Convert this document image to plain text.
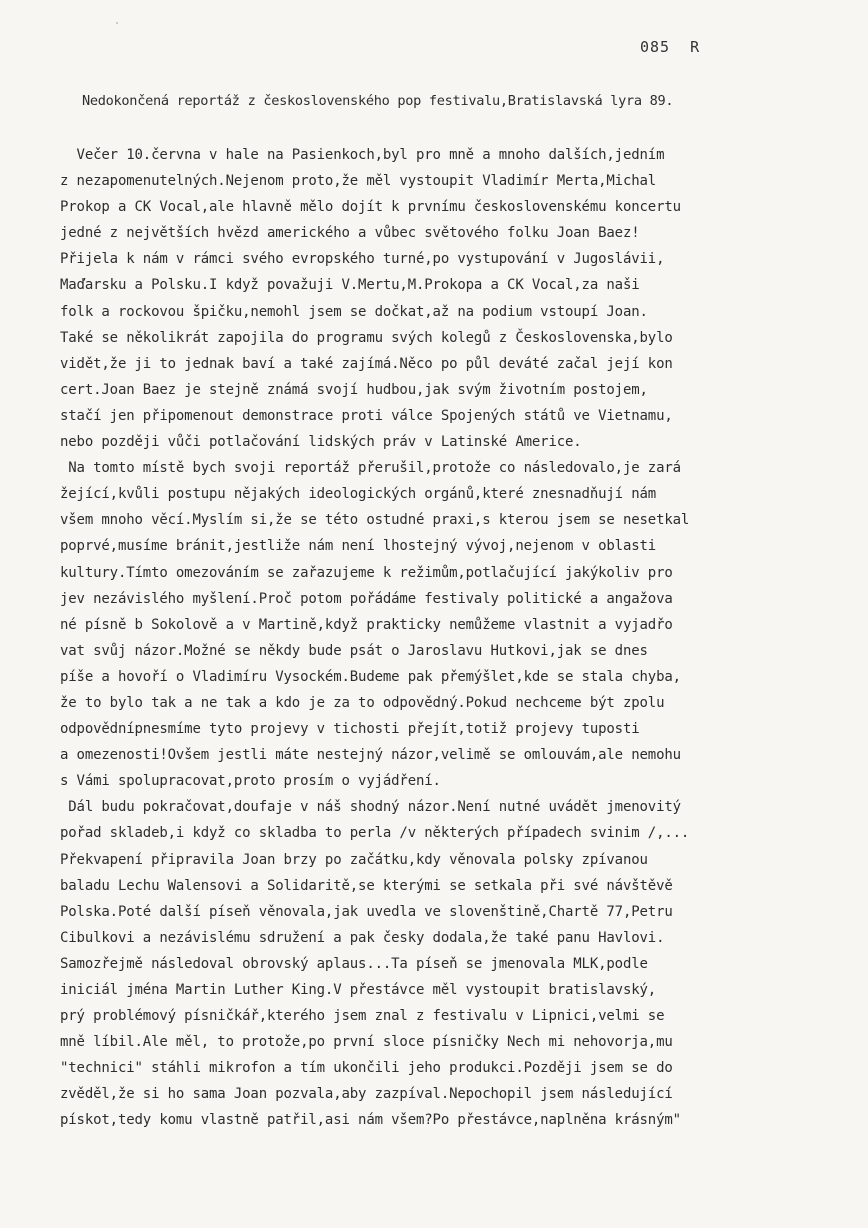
085  R
Nedokončená reportáž z československého pop festivalu,Bratislavská lyra 89.
Večer 10.června v hale na Pasienkoch,byl pro mně a mnoho dalších,jedním
z nezapomenutelných.Nejenom proto,že měl vystoupit Vladimír Merta,Michal
Prokop a CK Vocal,ale hlavně mělo dojít k prvnímu československému koncertu
jedné z největších hvězd amerického a vůbec světového folku Joan Baez!
Přijela k nám v rámci svého evropského turné,po vystupování v Jugoslávii,
Maďarsku a Polsku.I když považuji V.Mertu,M.Prokopa a CK Vocal,za naši
folk a rockovou špičku,nemohl jsem se dočkat,až na podium vstoupí Joan.
Také se několikrát zapojila do programu svých kolegů z Československa,bylo
vidět,že ji to jednak baví a také zajímá.Něco po půl deváté začal její kon
cert.Joan Baez je stejně známá svojí hudbou,jak svým životním postojem,
stačí jen připomenout demonstrace proti válce Spojených států ve Vietnamu,
nebo později vůči potlačování lidských práv v Latinské Americe.
Na tomto místě bych svoji reportáž přerušil,protože co následovalo,je zará
žející,kvůli postupu nějakých ideologických orgánů,které znesnadňují nám
všem mnoho věcí.Myslím si,že se této ostudné praxi,s kterou jsem se nesetkal
poprvé,musíme bránit,jestliže nám není lhostejný vývoj,nejenom v oblasti
kultury.Tímto omezováním se zařazujeme k režimům,potlačující jakýkoliv pro
jev nezávislého myšlení.Proč potom pořádáme festivaly politické a angažova
né písně b Sokolově a v Martině,když prakticky nemůžeme vlastnit a vyjadřo
vat svůj názor.Možné se někdy bude psát o Jaroslavu Hutkovi,jak se dnes
píše a hovoří o Vladimíru Vysockém.Budeme pak přemýšlet,kde se stala chyba,
že to bylo tak a ne tak a kdo je za to odpovědný.Pokud nechceme být zpolu
odpovědnípnesmíme tyto projevy v tichosti přejít,totiž projevy tuposti
a omezenosti!Ovšem jestli máte nestejný názor,velimě se omlouvám,ale nemohu
s Vámi spolupracovat,proto prosím o vyjádření.
Dál budu pokračovat,doufaje v náš shodný názor.Není nutné uvádět jmenovitý
pořad skladeb,i když co skladba to perla /v některých případech svinim /,...
Překvapení připravila Joan brzy po začátku,kdy věnovala polsky zpívanou
baladu Lechu Walensovi a Solidaritě,se kterými se setkala při své návštěvě
Polska.Poté další píseň věnovala,jak uvedla ve slovenštině,Chartě 77,Petru
Cibulkovi a nezávislému sdružení a pak česky dodala,že také panu Havlovi.
Samozřejmě následoval obrovský aplaus...Ta píseň se jmenovala MLK,podle
iniciál jména Martin Luther King.V přestávce měl vystoupit bratislavský,
prý problémový písničkář,kterého jsem znal z festivalu v Lipnici,velmi se
mně líbil.Ale měl, to protože,po první sloce písničky Nech mi nehovorja,mu
"technici" stáhli mikrofon a tím ukončili jeho produkci.Později jsem se do
zvěděl,že si ho sama Joan pozvala,aby zazpíval.Nepochopil jsem následující
pískot,tedy komu vlastně patřil,asi nám všem?Po přestávce,naplněna krásným"
